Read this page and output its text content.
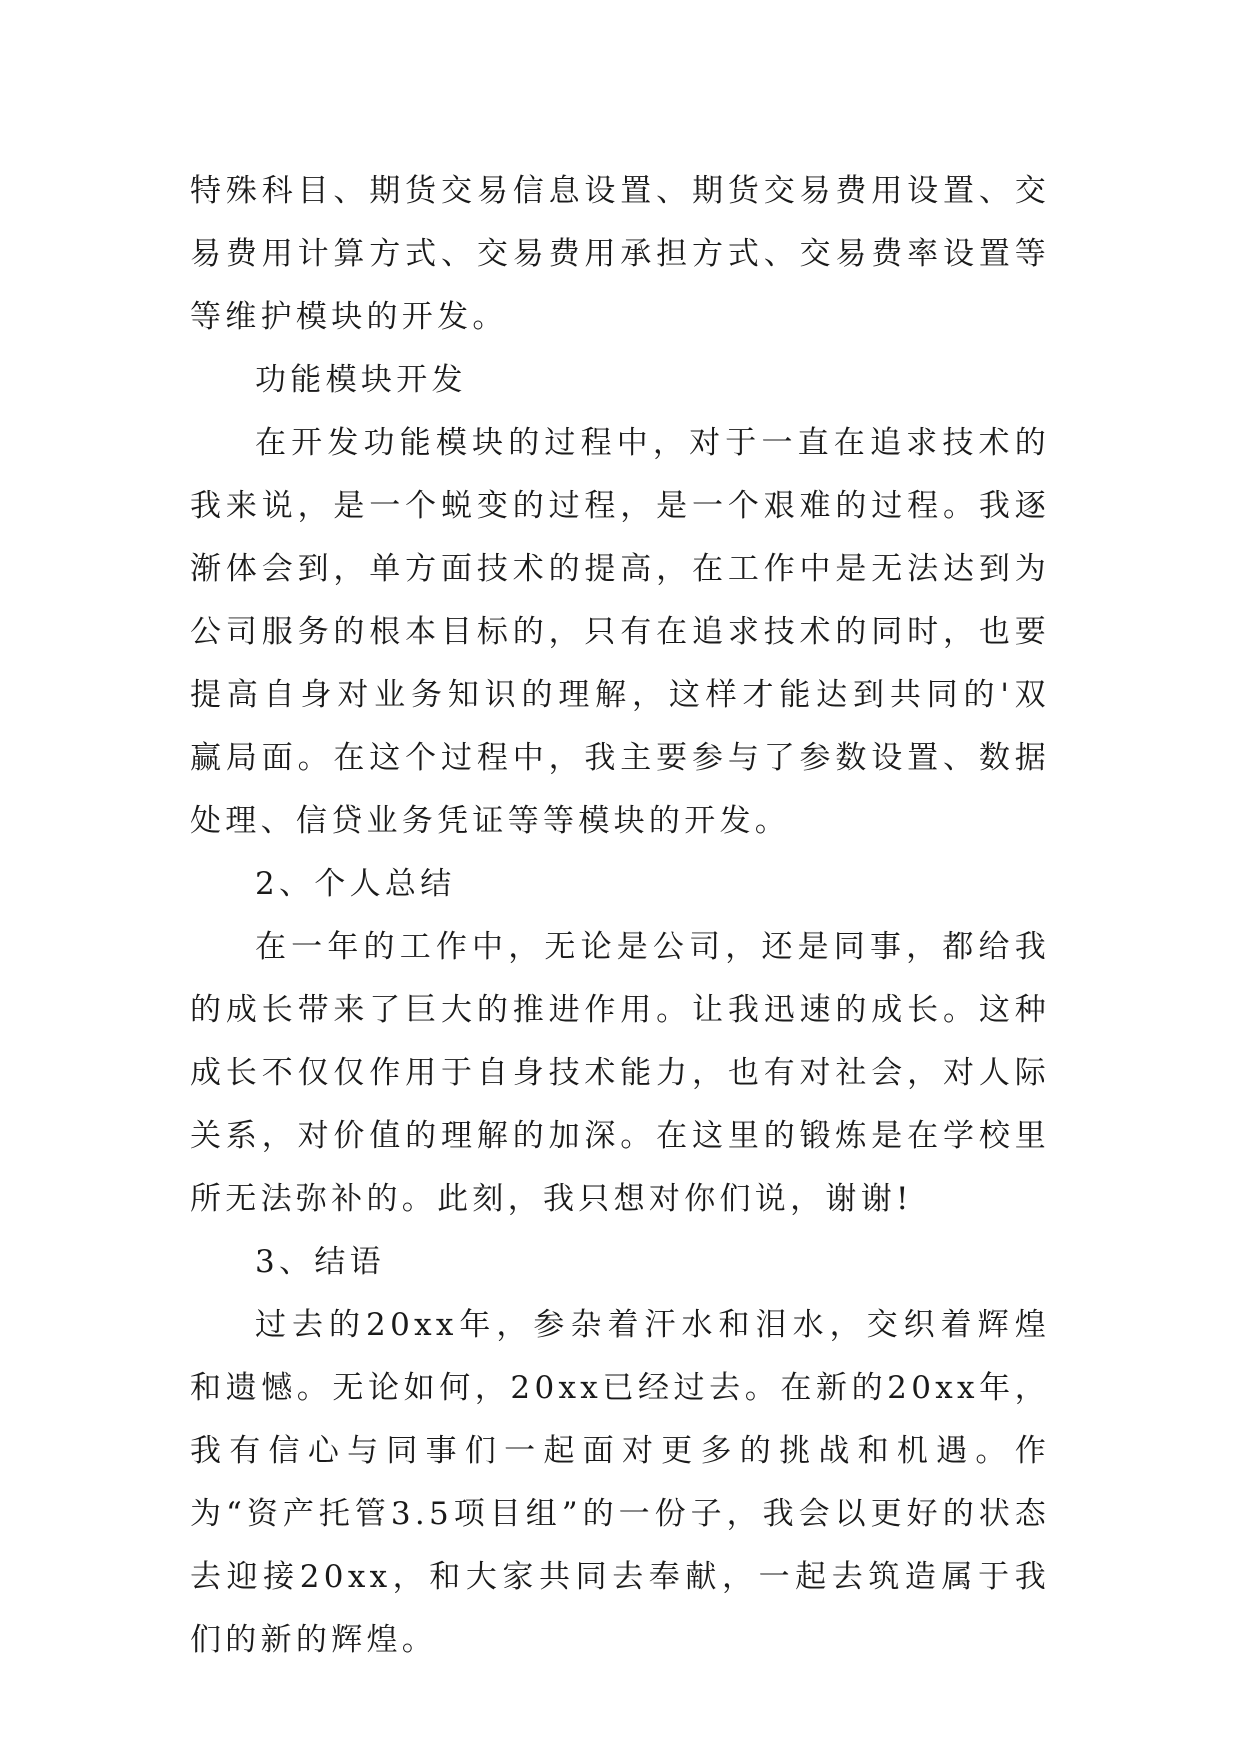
特殊科目、期货交易信息设置、期货交易费用设置、交易费用计算方式、交易费用承担方式、交易费率设置等等维护模块的开发。

功能模块开发

在开发功能模块的过程中，对于一直在追求技术的我来说，是一个蜕变的过程，是一个艰难的过程。我逐渐体会到，单方面技术的提高，在工作中是无法达到为公司服务的根本目标的，只有在追求技术的同时，也要提高自身对业务知识的理解，这样才能达到共同的'双赢局面。在这个过程中，我主要参与了参数设置、数据处理、信贷业务凭证等等模块的开发。

2、个人总结

在一年的工作中，无论是公司，还是同事，都给我的成长带来了巨大的推进作用。让我迅速的成长。这种成长不仅仅作用于自身技术能力，也有对社会，对人际关系，对价值的理解的加深。在这里的锻炼是在学校里所无法弥补的。此刻，我只想对你们说，谢谢!

3、结语

过去的20xx年，参杂着汗水和泪水，交织着辉煌和遗憾。无论如何，20xx已经过去。在新的20xx年，我有信心与同事们一起面对更多的挑战和机遇。作为“资产托管3.5项目组”的一份子，我会以更好的状态去迎接20xx，和大家共同去奉献，一起去筑造属于我们的新的辉煌。
